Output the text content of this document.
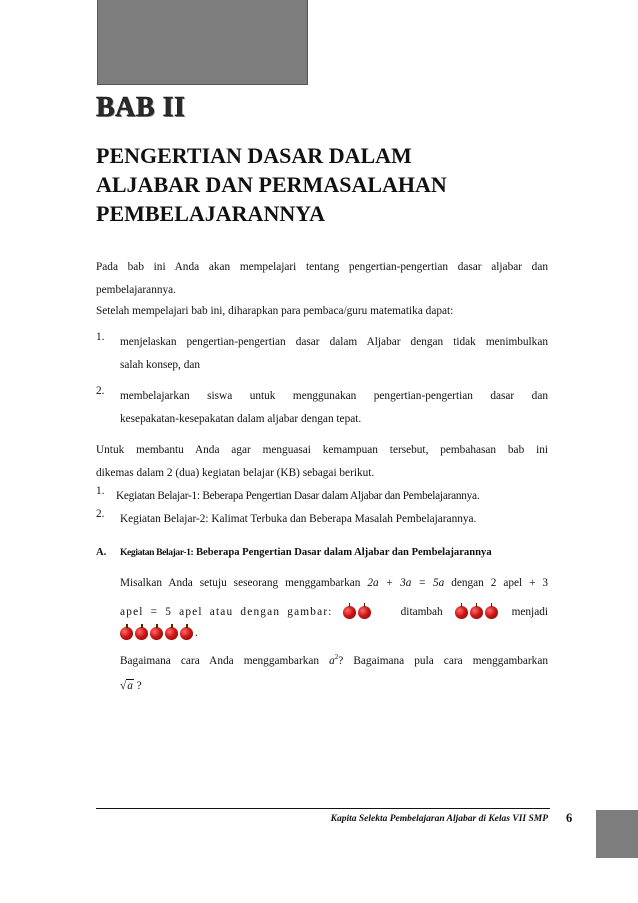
BAB II
PENGERTIAN DASAR DALAM
ALJABAR DAN PERMASALAHAN
PEMBELAJARANNYA

Pada bab ini Anda akan mempelajari tentang pengertian-pengertian dasar aljabar dan

pembelajarannya.

Setelah mempelajari bab ini, diharapkan para pembaca/guru matematika dapat:

1.	menjelaskan pengertian-pengertian dasar dalam Aljabar dengan tidak menimbulkan
salah konsep, dan
2.	membelajarkan siswa untuk menggunakan pengertian-pengertian dasar dan
kesepakatan-kesepakatan dalam aljabar dengan tepat.

Untuk membantu Anda agar menguasai kemampuan tersebut, pembahasan bab ini

dikemas dalam 2 (dua) kegiatan belajar (KB) sebagai berikut.

1.	Kegiatan Belajar-1: Beberapa Pengertian Dasar dalam Aljabar dan Pembelajarannya.
2.	Kegiatan Belajar-2: Kalimat Terbuka dan Beberapa Masalah Pembelajarannya.
A.	Kegiatan Belajar-1: Beberapa Pengertian Dasar dalam Aljabar dan Pembelajarannya
Misalkan Anda setuju seseorang menggambarkan 2a + 3a = 5a dengan 2 apel + 3
apel = 5 apel atau dengan gambar:	ditambah	menjadi
.
Bagaimana cara Anda menggambarkan $a^2$? Bagaimana pula cara menggambarkan
√a ?
Kapita Selekta Pembelajaran Aljabar di Kelas VII SMP 6
